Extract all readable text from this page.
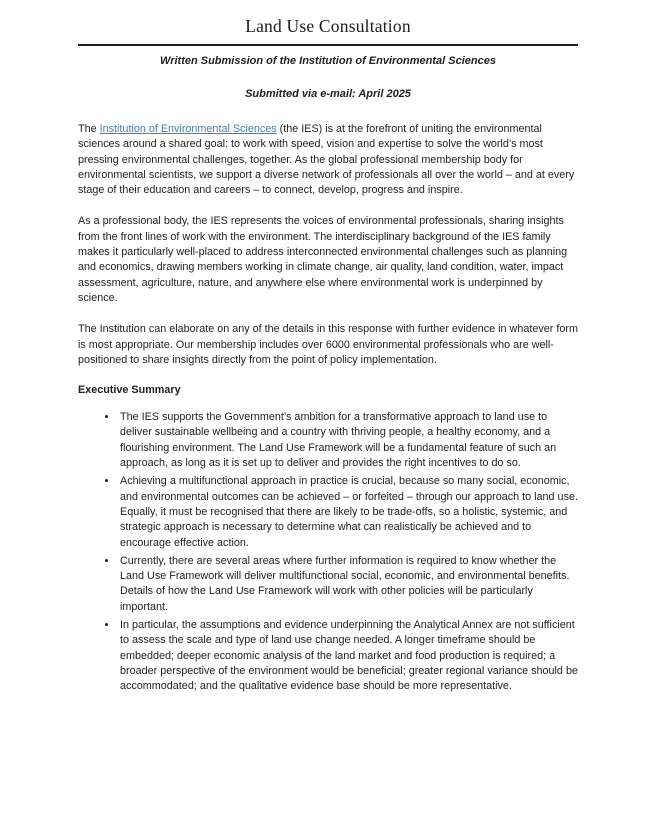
Land Use Consultation
Written Submission of the Institution of Environmental Sciences
Submitted via e-mail: April 2025

The Institution of Environmental Sciences (the IES) is at the forefront of uniting the environmental sciences around a shared goal: to work with speed, vision and expertise to solve the world’s most pressing environmental challenges, together. As the global professional membership body for environmental scientists, we support a diverse network of professionals all over the world – and at every stage of their education and careers – to connect, develop, progress and inspire.

As a professional body, the IES represents the voices of environmental professionals, sharing insights from the front lines of work with the environment. The interdisciplinary background of the IES family makes it particularly well-placed to address interconnected environmental challenges such as planning and economics, drawing members working in climate change, air quality, land condition, water, impact assessment, agriculture, nature, and anywhere else where environmental work is underpinned by science.

The Institution can elaborate on any of the details in this response with further evidence in whatever form is most appropriate. Our membership includes over 6000 environmental professionals who are well-positioned to share insights directly from the point of policy implementation.

Executive Summary
• The IES supports the Government’s ambition for a transformative approach to land use to deliver sustainable wellbeing and a country with thriving people, a healthy economy, and a flourishing environment. The Land Use Framework will be a fundamental feature of such an approach, as long as it is set up to deliver and provides the right incentives to do so.
• Achieving a multifunctional approach in practice is crucial, because so many social, economic, and environmental outcomes can be achieved – or forfeited – through our approach to land use. Equally, it must be recognised that there are likely to be trade-offs, so a holistic, systemic, and strategic approach is necessary to determine what can realistically be achieved and to encourage effective action.
• Currently, there are several areas where further information is required to know whether the Land Use Framework will deliver multifunctional social, economic, and environmental benefits. Details of how the Land Use Framework will work with other policies will be particularly important.
• In particular, the assumptions and evidence underpinning the Analytical Annex are not sufficient to assess the scale and type of land use change needed. A longer timeframe should be embedded; deeper economic analysis of the land market and food production is required; a broader perspective of the environment would be beneficial; greater regional variance should be accommodated; and the qualitative evidence base should be more representative.
